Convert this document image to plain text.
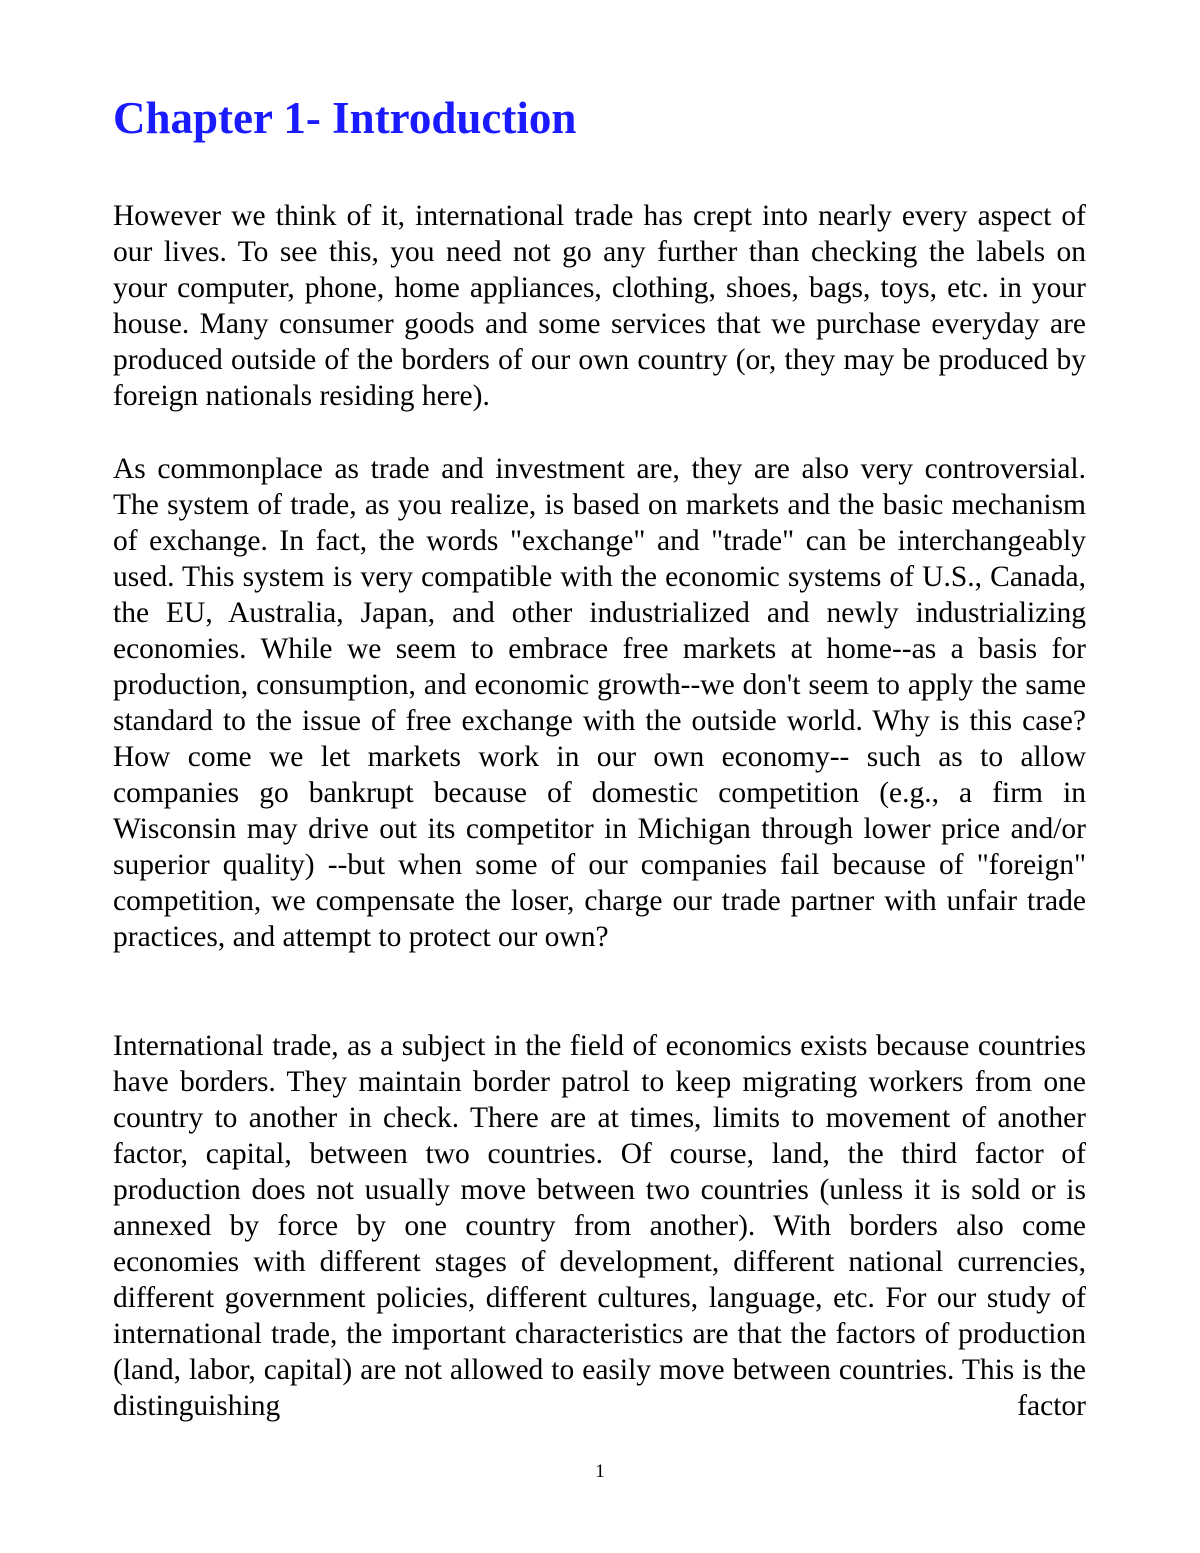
Chapter 1- Introduction

However we think of it, international trade has crept into nearly every aspect of our lives. To see this, you need not go any further than checking the labels on your computer, phone, home appliances, clothing, shoes, bags, toys, etc. in your house. Many consumer goods and some services that we purchase everyday are produced outside of the borders of our own country (or, they may be produced by foreign nationals residing here).

As commonplace as trade and investment are, they are also very controversial. The system of trade, as you realize, is based on markets and the basic mechanism of exchange. In fact, the words "exchange" and "trade" can be interchangeably used. This system is very compatible with the economic systems of U.S., Canada, the EU, Australia, Japan, and other industrialized and newly industrializing economies. While we seem to embrace free markets at home--as a basis for production, consumption, and economic growth--we don't seem to apply the same standard to the issue of free exchange with the outside world. Why is this case? How come we let markets work in our own economy-- such as to allow companies go bankrupt because of domestic competition (e.g., a firm in Wisconsin may drive out its competitor in Michigan through lower price and/or superior quality) --but when some of our companies fail because of "foreign" competition, we compensate the loser, charge our trade partner with unfair trade practices, and attempt to protect our own?

International trade, as a subject in the field of economics exists because countries have borders. They maintain border patrol to keep migrating workers from one country to another in check. There are at times, limits to movement of another factor, capital, between two countries. Of course, land, the third factor of production does not usually move between two countries (unless it is sold or is annexed by force by one country from another). With borders also come economies with different stages of development, different national currencies, different government policies, different cultures, language, etc. For our study of international trade, the important characteristics are that the factors of production (land, labor, capital) are not allowed to easily move between countries. This is the distinguishing factor

1
